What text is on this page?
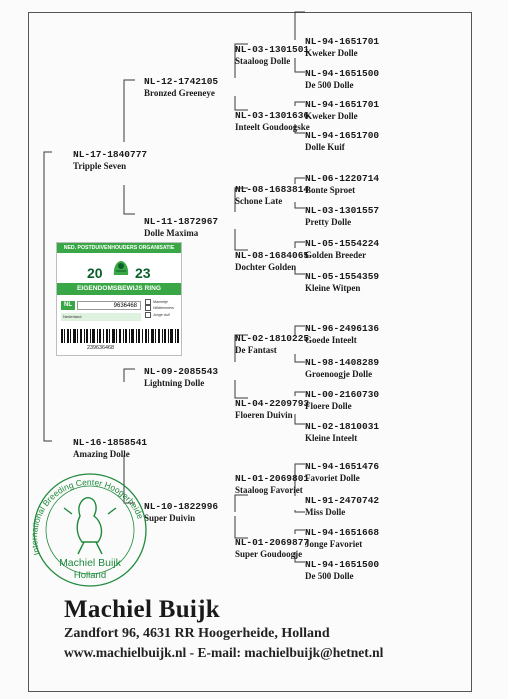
NL-17-1840777
Tripple Seven
NL-16-1858541
Amazing Dolle
NL-12-1742105
Bronzed Greeneye
NL-11-1872967
Dolle Maxima
NL-09-2085543
Lightning Dolle
NL-10-1822996
Super Duivin
NL-03-1301501
Staaloog Dolle
NL-03-1301636
Inteelt Goudoogske
NL-08-1683814
Schone Late
NL-08-1684065
Dochter Golden
NL-02-1810225
De Fantast
NL-04-2209793
Floeren Duivin
NL-01-2069801
Staaloog Favoriet
NL-01-2069877
Super Goudoogje
NL-94-1651701
Kweker Dolle
NL-94-1651500
De 500 Dolle
NL-94-1651701
Kweker Dolle
NL-94-1651700
Dolle Kuif
NL-06-1220714
Bonte Sproet
NL-03-1301557
Pretty Dolle
NL-05-1554224
Golden Breeder
NL-05-1554359
Kleine Witpen
NL-96-2496136
Goede Inteelt
NL-98-1408289
Groenoogje Dolle
NL-00-2160730
Floere Dolle
NL-02-1810031
Kleine Inteelt
NL-94-1651476
Favoriet Dolle
NL-91-2470742
Miss Dolle
NL-94-1651668
Jonge Favoriet
NL-94-1651500
De 500 Dolle
NED. POSTDUIVENHOUDERS ORGANISATIE
20 23
EIGENDOMSBEWIJS RING
NL	9636468
Mannetje
Wildtemmers
Jonge duif
Nederland
239636468
International Breeding Center Hoogerheide
Machiel Buijk
Holland
Machiel Buijk
Zandfort 96, 4631 RR Hoogerheide, Holland
www.machielbuijk.nl - E-mail: machielbuijk@hetnet.nl
